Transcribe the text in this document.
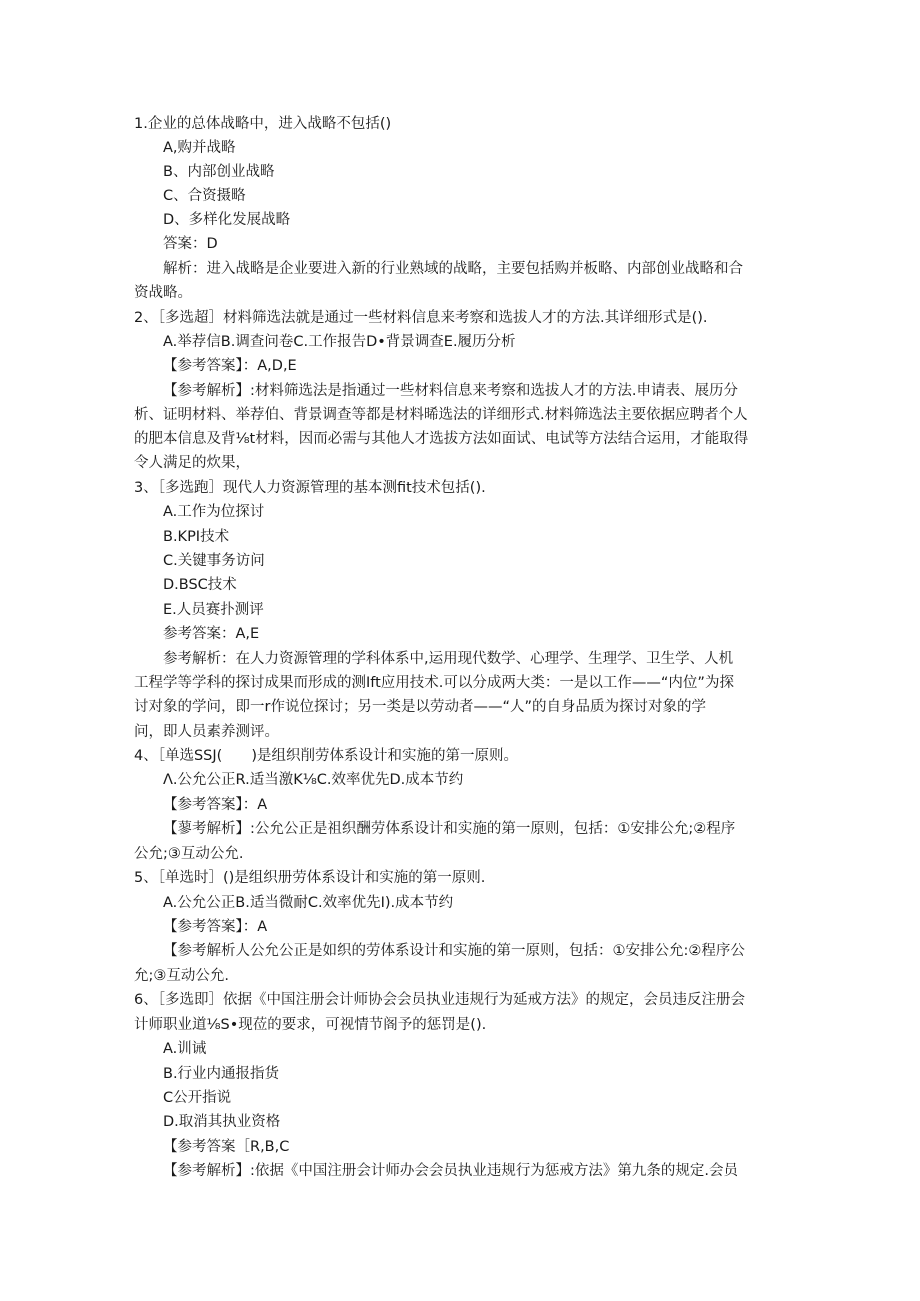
1.企业的总体战略中，进入战略不包括()
A,购并战略
B、内部创业战略
C、合资摄略
D、多样化发展战略
答案：D
解析：进入战略是企业要进入新的行业熟域的战略，主要包括购并板略、内部创业战略和合
资战略。
2、［多选超］材料筛选法就是通过一些材料信息来考察和选拔人才的方法.其详细形式是().
A.举荐信B.调查问卷C.工作报告D•背景调查E.履历分析
【参考答案】：A,D,E
【参考解析】:材料筛选法是指通过一些材料信息来考察和选拔人才的方法.申请表、展历分
析、证明材料、举荐伯、背景调查等都是材料晞选法的详细形式.材料筛选法主要依据应聘者个人
的肥本信息及背⅛t材料，因而必需与其他人才选拔方法如面试、电试等方法结合运用，才能取得
令人满足的炊果，
3、［多选跑］现代人力资源管理的基本测fit技术包括().
A.工作为位探讨
B.KPI技术
C.关键事务访问
D.BSC技术
E.人员赛扑测评
参考答案：A,E
参考解析：在人力资源管理的学科体系中,运用现代数学、心理学、生理学、卫生学、人机
工程学等学科的探讨成果而形成的测Ift应用技术.可以分成两大类：一是以工作——“内位”为探
讨对象的学问，即一r作说位探讨；另一类是以劳动者——“人”的自身品质为探讨对象的学
问，即人员素养测评。
4、［单选SSJ(　　)是组织削劳体系设计和实施的第一原则。
Λ.公允公正R.适当激K⅛C.效率优先D.成本节约
【参考答案】：A
【蓼考解析】:公允公正是祖织酬劳体系设计和实施的第一原则，包括：①安排公允;②程序
公允;③互动公允.
5、［单选时］()是组织册劳体系设计和实施的第一原则.
A.公允公正B.适当微耐C.效率优先I).成本节约
【参考答案】：A
【参考解析人公允公正是如织的劳体系设计和实施的第一原则，包括：①安排公允:②程序公
允;③互动公允.
6、［多选即］依据《中国注册会计师协会会员执业违规行为延戒方法》的规定，会员违反注册会
计师职业道⅛S•现莅的要求，可视情节阁予的惩罚是().
A.训诫
B.行业内通报指货
C公开指说
D.取消其执业资格
【参考答案［R,B,C
【参考解析】:依据《中国注册会计师办会会员执业违规行为惩戒方法》第九条的规定.会员
